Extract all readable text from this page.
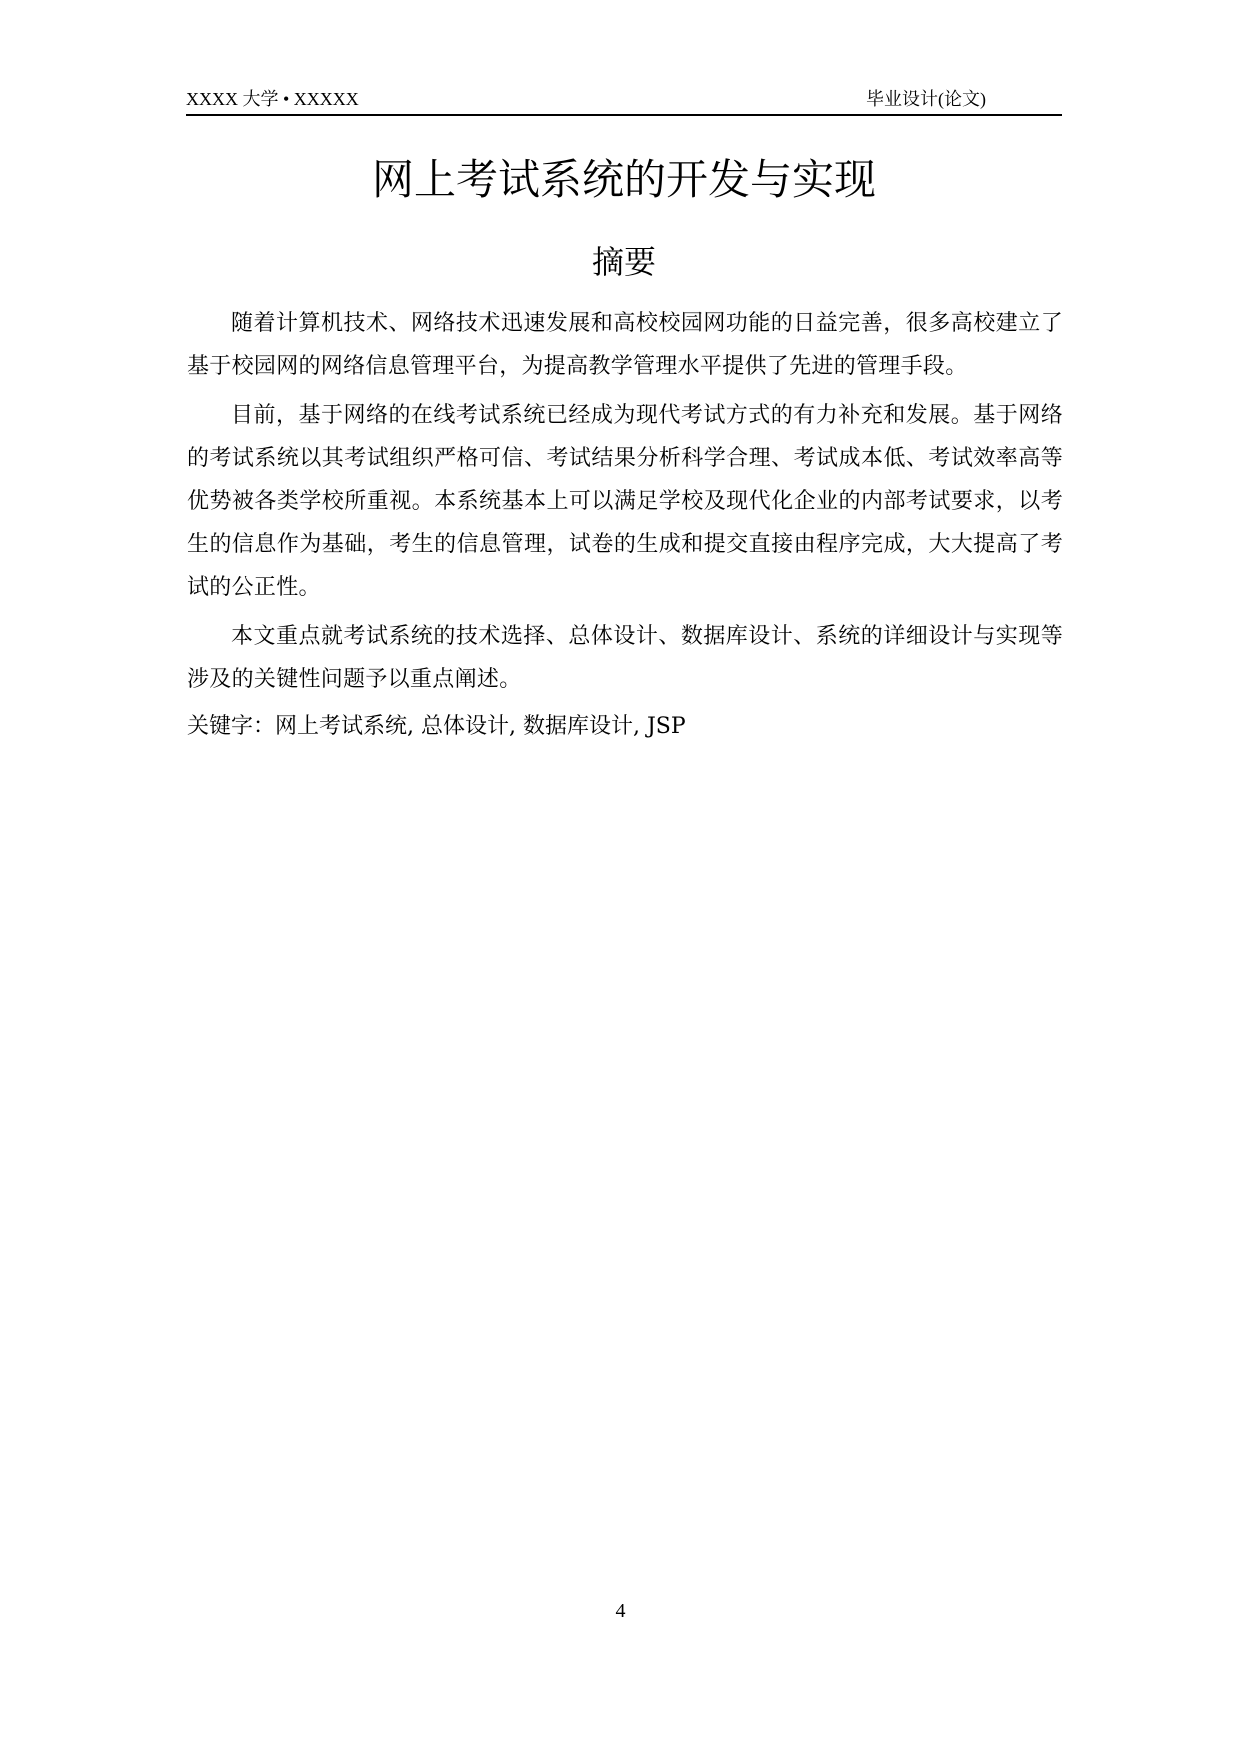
XXXX 大学 • XXXXX	毕业设计(论文)
网上考试系统的开发与实现
摘要

随着计算机技术、网络技术迅速发展和高校校园网功能的日益完善，很多高校建立了基于校园网的网络信息管理平台，为提高教学管理水平提供了先进的管理手段。

目前，基于网络的在线考试系统已经成为现代考试方式的有力补充和发展。基于网络的考试系统以其考试组织严格可信、考试结果分析科学合理、考试成本低、考试效率高等优势被各类学校所重视。本系统基本上可以满足学校及现代化企业的内部考试要求，以考生的信息作为基础，考生的信息管理，试卷的生成和提交直接由程序完成，大大提高了考试的公正性。

本文重点就考试系统的技术选择、总体设计、数据库设计、系统的详细设计与实现等涉及的关键性问题予以重点阐述。

关键字：网上考试系统, 总体设计, 数据库设计, JSP

4
